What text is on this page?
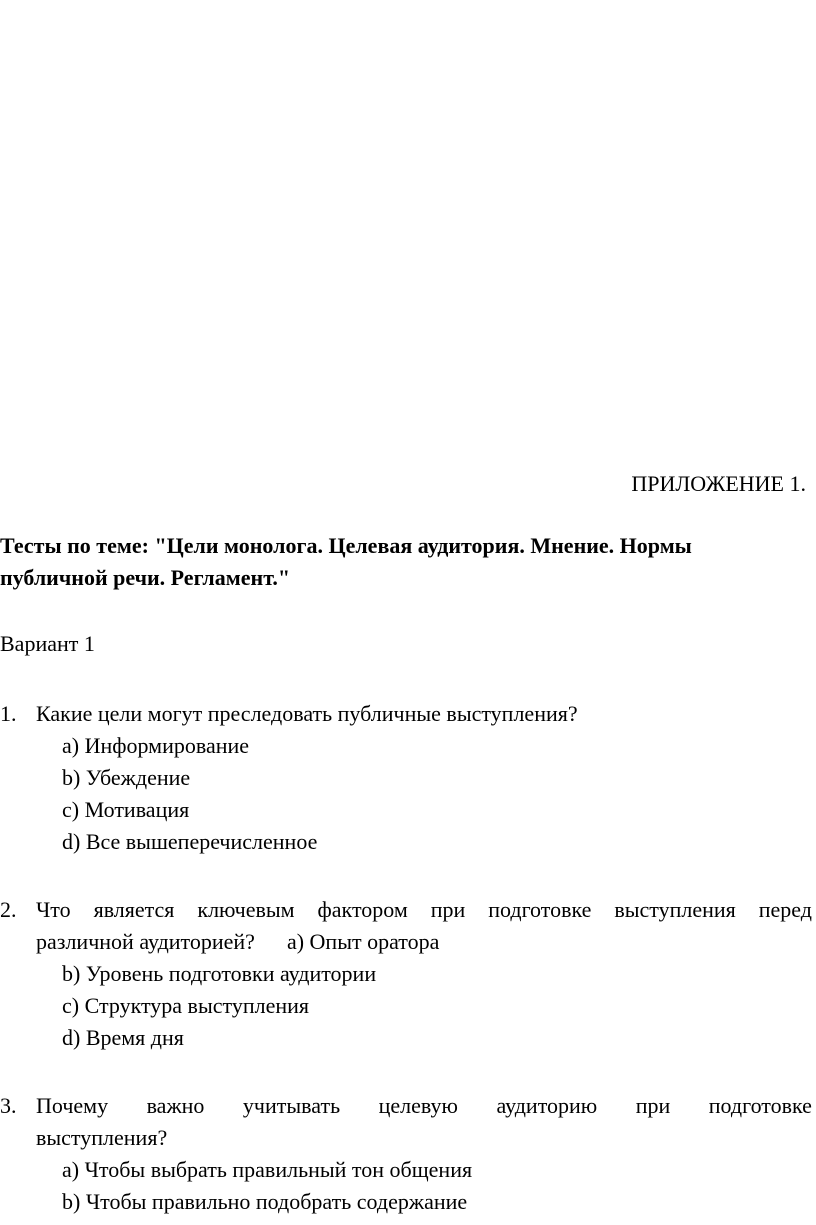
ПРИЛОЖЕНИЕ 1.
Тесты по теме: "Цели монолога. Целевая аудитория. Мнение. Нормы
публичной речи. Регламент."
Вариант 1
1. Какие цели могут преследовать публичные выступления?
a) Информирование
b) Убеждение
c) Мотивация
d) Все вышеперечисленное
2. Что является ключевым фактором при подготовке выступления перед
различной аудиторией? a) Опыт оратора
b) Уровень подготовки аудитории
c) Структура выступления
d) Время дня
3. Почему важно учитывать целевую аудиторию при подготовке
выступления?
a) Чтобы выбрать правильный тон общения
b) Чтобы правильно подобрать содержание
